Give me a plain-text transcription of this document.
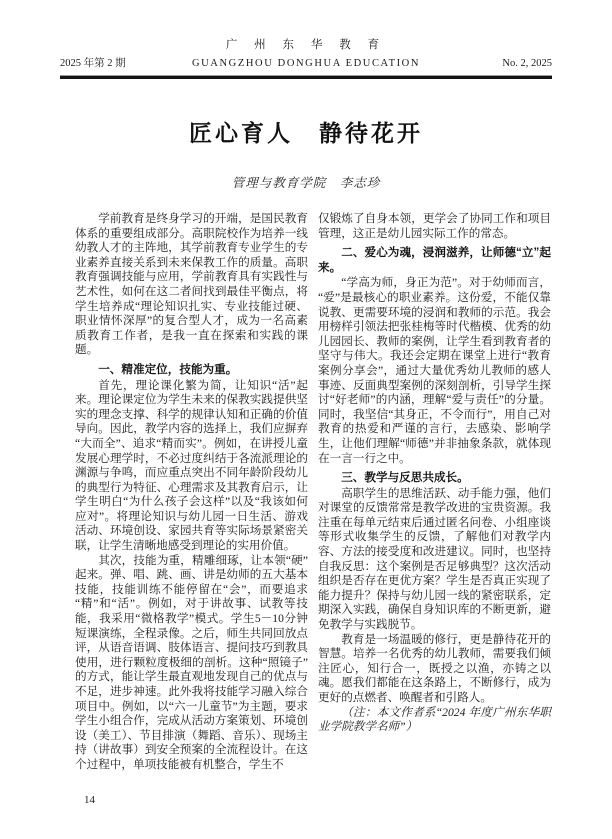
广 州 东 华 教 育
2025 年第 2 期	GUANGZHOU DONGHUA EDUCATION	No. 2, 2025
匠心育人　静待花开
管理与教育学院　李志珍

学前教育是终身学习的开端，是国民教育体系的重要组成部分。高职院校作为培养一线幼教人才的主阵地，其学前教育专业学生的专业素养直接关系到未来保教工作的质量。高职教育强调技能与应用，学前教育具有实践性与艺术性，如何在这二者间找到最佳平衡点，将学生培养成“理论知识扎实、专业技能过硬、职业情怀深厚”的复合型人才，成为一名高素质教育工作者，是我一直在探索和实践的课题。

一、精准定位，技能为重。

首先，理论课化繁为简，让知识“活”起来。理论课定位为学生未来的保教实践提供坚实的理念支撑、科学的规律认知和正确的价值导向。因此，教学内容的选择上，我们应摒弃“大而全”、追求“精而实”。例如，在讲授儿童发展心理学时，不必过度纠结于各流派理论的渊源与争鸣，而应重点突出不同年龄阶段幼儿的典型行为特征、心理需求及其教育启示，让学生明白“为什么孩子会这样”以及“我该如何应对”。将理论知识与幼儿园一日生活、游戏活动、环境创设、家园共育等实际场景紧密关联，让学生清晰地感受到理论的实用价值。

其次，技能为重，精雕细琢，让本领“硬”起来。弹、唱、跳、画、讲是幼师的五大基本技能，技能训练不能停留在“会”，而要追求“精”和“活”。例如，对于讲故事、试教等技能，我采用“微格教学”模式。学生5－10分钟短课演练，全程录像。之后，师生共同回放点评，从语音语调、肢体语言、提问技巧到教具使用，进行颗粒度极细的剖析。这种“照镜子”的方式，能让学生最直观地发现自己的优点与不足，进步神速。此外我将技能学习融入综合项目中。例如，以“六一儿童节”为主题，要求学生小组合作，完成从活动方案策划、环境创设（美工）、节目排演（舞蹈、音乐）、现场主持（讲故事）到安全预案的全流程设计。在这个过程中，单项技能被有机整合，学生不

仅锻炼了自身本领，更学会了协同工作和项目管理，这正是幼儿园实际工作的常态。

二、爱心为魂，浸润滋养，让师德“立”起来。

“学高为师，身正为范”。对于幼师而言，“爱”是最核心的职业素养。这份爱，不能仅靠说教、更需要环境的浸润和教师的示范。我会用榜样引领法把张桂梅等时代楷模、优秀的幼儿园园长、教师的案例，让学生看到教育者的坚守与伟大。我还会定期在课堂上进行“教育案例分享会”，通过大量优秀幼儿教师的感人事迹、反面典型案例的深刻剖析，引导学生探讨“好老师”的内涵，理解“爱与责任”的分量。同时，我坚信“其身正，不令而行”，用自己对教育的热爱和严谨的言行，去感染、影响学生，让他们理解“师德”并非抽象条款，就体现在一言一行之中。

三、教学与反思共成长。

高职学生的思维活跃、动手能力强，他们对课堂的反馈常常是教学改进的宝贵资源。我注重在每单元结束后通过匿名问卷、小组座谈等形式收集学生的反馈，了解他们对教学内容、方法的接受度和改进建议。同时，也坚持自我反思：这个案例是否足够典型？这次活动组织是否存在更优方案？学生是否真正实现了能力提升？保持与幼儿园一线的紧密联系，定期深入实践，确保自身知识库的不断更新，避免教学与实践脱节。

教育是一场温暖的修行，更是静待花开的智慧。培养一名优秀的幼儿教师，需要我们倾注匠心，知行合一，既授之以渔，亦铸之以魂。愿我们都能在这条路上，不断修行，成为更好的点燃者、唤醒者和引路人。

（注：本文作者系“2024 年度广州东华职业学院教学名师”）

14
